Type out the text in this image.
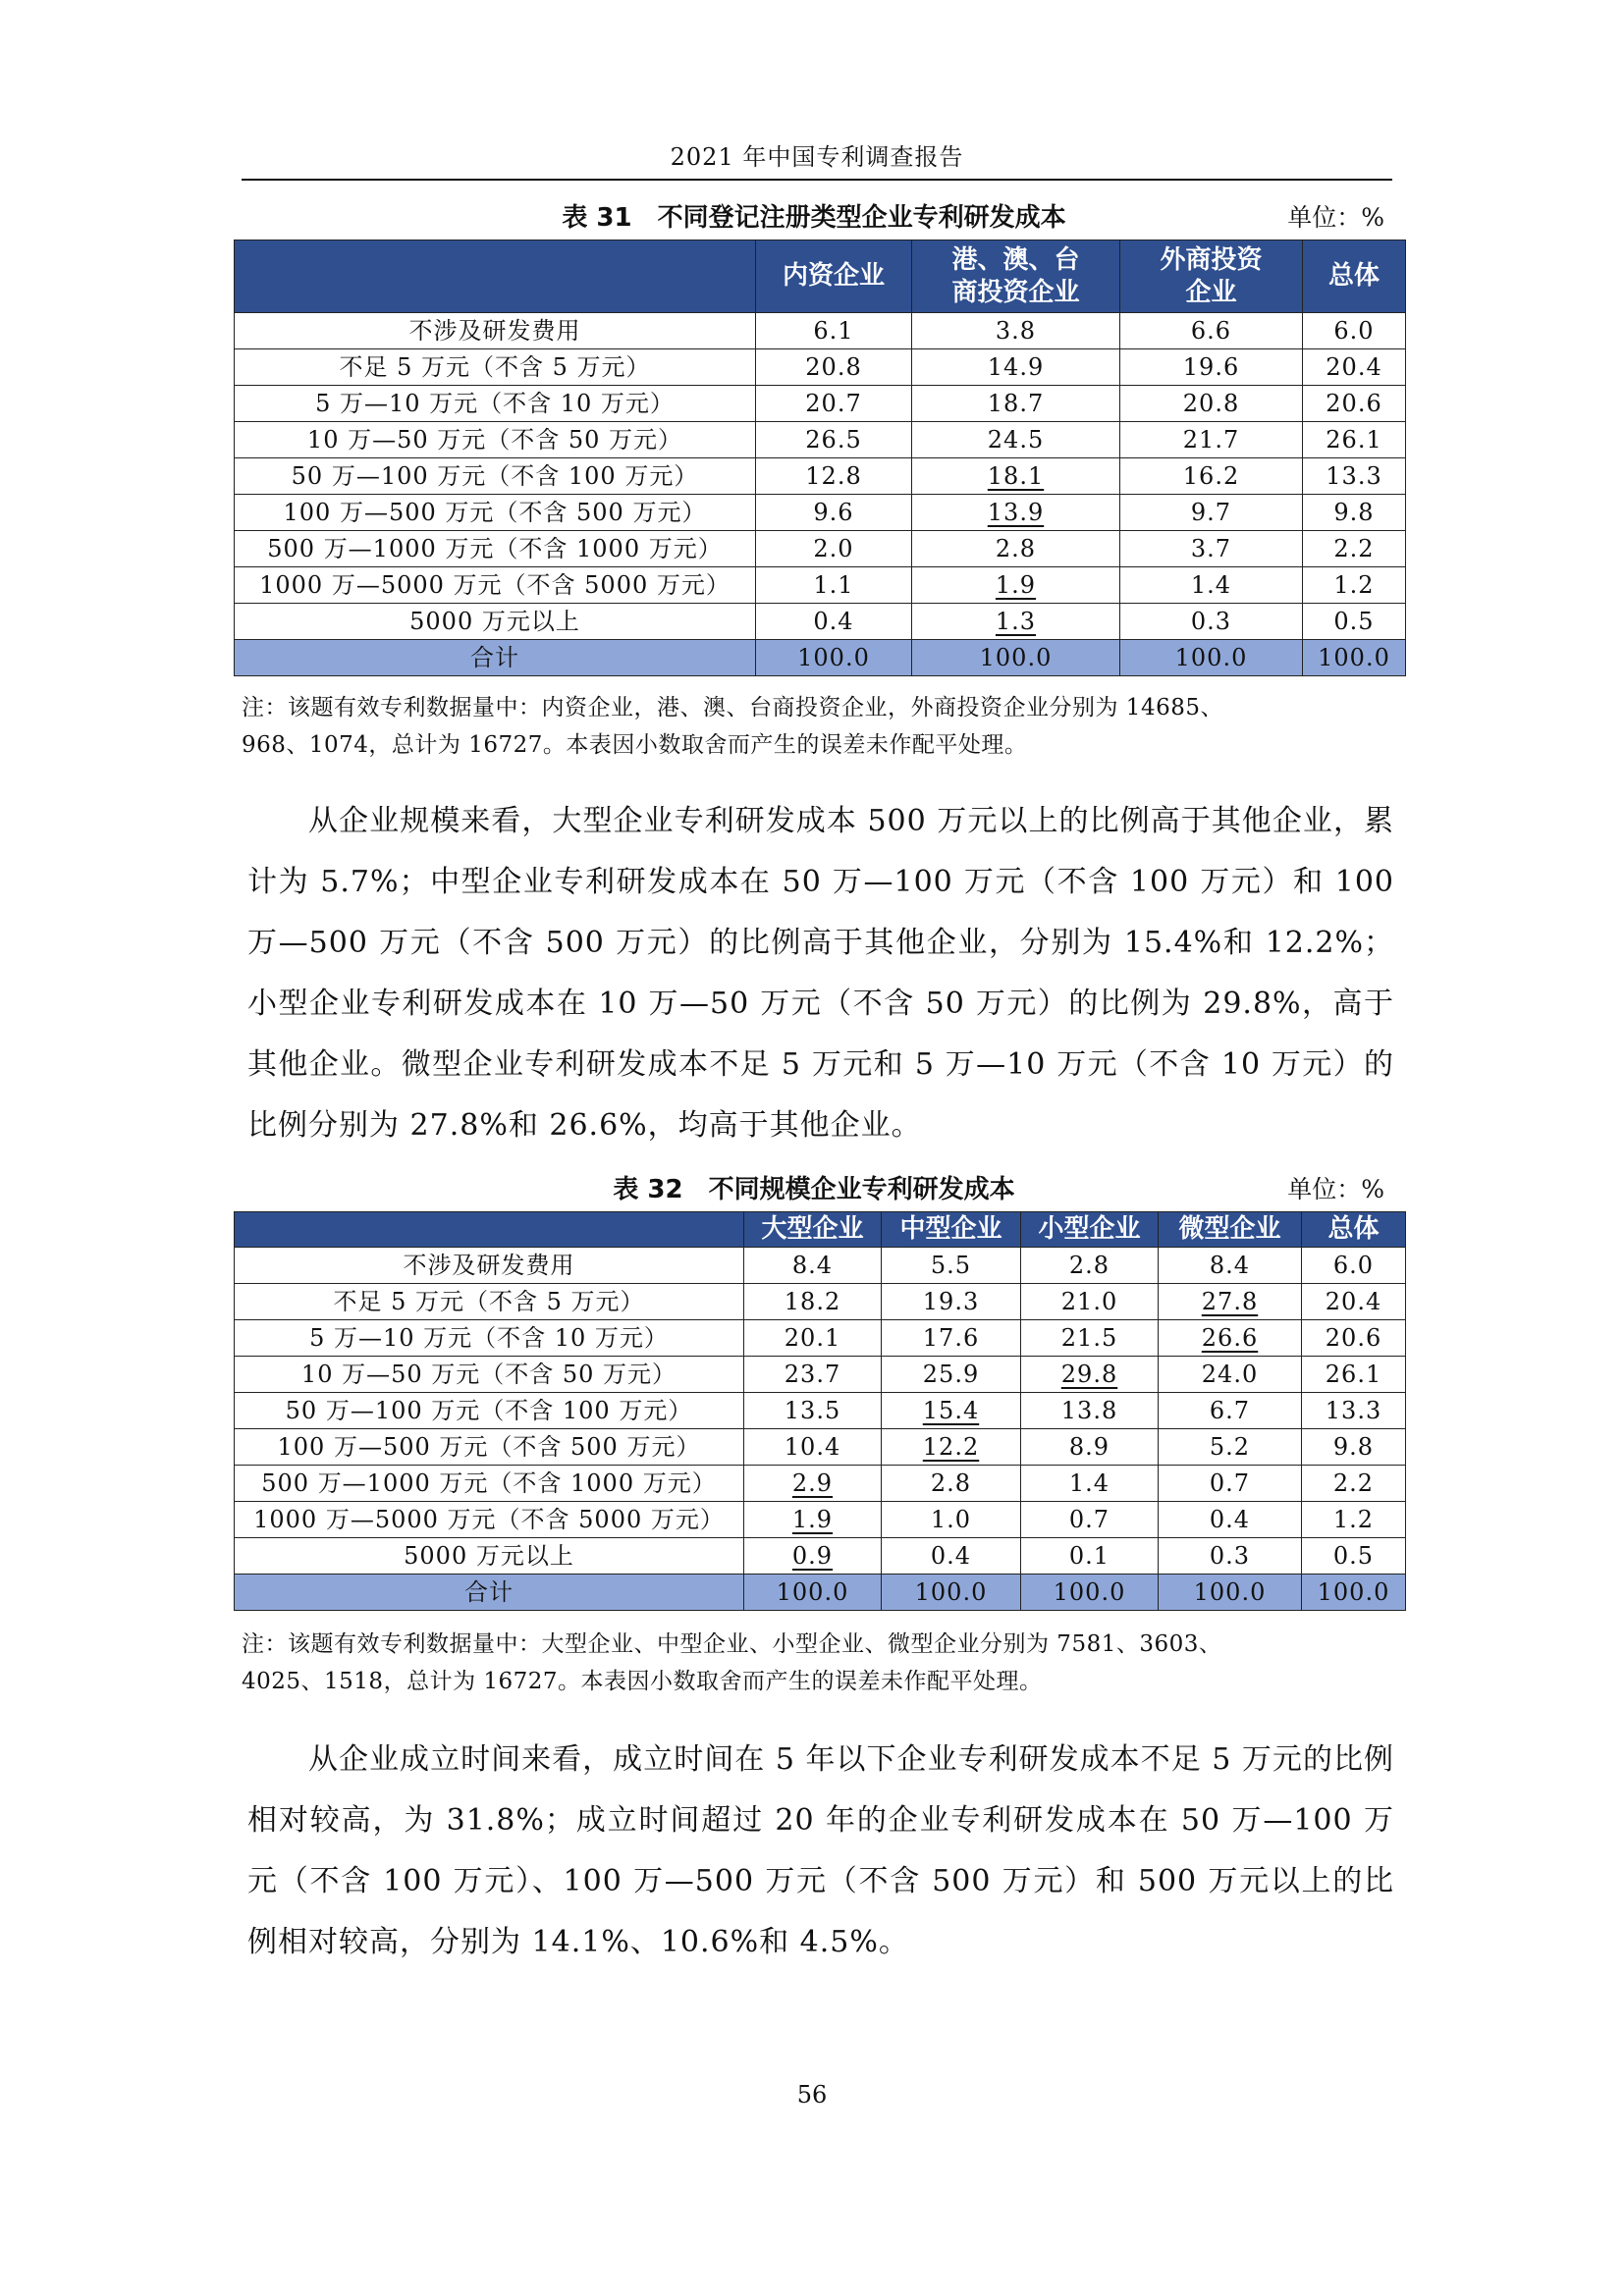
2021 年中国专利调查报告
表 31　不同登记注册类型企业专利研发成本	单位：%
	内资企业	港、澳、台商投资企业	外商投资企业	总体
不涉及研发费用	6.1	3.8	6.6	6.0
不足 5 万元（不含 5 万元）	20.8	14.9	19.6	20.4
5 万—10 万元（不含 10 万元）	20.7	18.7	20.8	20.6
10 万—50 万元（不含 50 万元）	26.5	24.5	21.7	26.1
50 万—100 万元（不含 100 万元）	12.8	18.1	16.2	13.3
100 万—500 万元（不含 500 万元）	9.6	13.9	9.7	9.8
500 万—1000 万元（不含 1000 万元）	2.0	2.8	3.7	2.2
1000 万—5000 万元（不含 5000 万元）	1.1	1.9	1.4	1.2
5000 万元以上	0.4	1.3	0.3	0.5
合计	100.0	100.0	100.0	100.0
注：该题有效专利数据量中：内资企业，港、澳、台商投资企业，外商投资企业分别为 14685、
968、1074，总计为 16727。本表因小数取舍而产生的误差未作配平处理。
从企业规模来看，大型企业专利研发成本 500 万元以上的比例高于其他企业，累计为 5.7%；中型企业专利研发成本在 50 万—100 万元（不含 100 万元）和 100 万—500 万元（不含 500 万元）的比例高于其他企业，分别为 15.4%和 12.2%；小型企业专利研发成本在 10 万—50 万元（不含 50 万元）的比例为 29.8%，高于其他企业。微型企业专利研发成本不足 5 万元和 5 万—10 万元（不含 10 万元）的比例分别为 27.8%和 26.6%，均高于其他企业。
表 32　不同规模企业专利研发成本	单位：%
	大型企业	中型企业	小型企业	微型企业	总体
不涉及研发费用	8.4	5.5	2.8	8.4	6.0
不足 5 万元（不含 5 万元）	18.2	19.3	21.0	27.8	20.4
5 万—10 万元（不含 10 万元）	20.1	17.6	21.5	26.6	20.6
10 万—50 万元（不含 50 万元）	23.7	25.9	29.8	24.0	26.1
50 万—100 万元（不含 100 万元）	13.5	15.4	13.8	6.7	13.3
100 万—500 万元（不含 500 万元）	10.4	12.2	8.9	5.2	9.8
500 万—1000 万元（不含 1000 万元）	2.9	2.8	1.4	0.7	2.2
1000 万—5000 万元（不含 5000 万元）	1.9	1.0	0.7	0.4	1.2
5000 万元以上	0.9	0.4	0.1	0.3	0.5
合计	100.0	100.0	100.0	100.0	100.0
注：该题有效专利数据量中：大型企业、中型企业、小型企业、微型企业分别为 7581、3603、
4025、1518，总计为 16727。本表因小数取舍而产生的误差未作配平处理。
从企业成立时间来看，成立时间在 5 年以下企业专利研发成本不足 5 万元的比例相对较高，为 31.8%；成立时间超过 20 年的企业专利研发成本在 50 万—100 万元（不含 100 万元）、100 万—500 万元（不含 500 万元）和 500 万元以上的比例相对较高，分别为 14.1%、10.6%和 4.5%。
56
